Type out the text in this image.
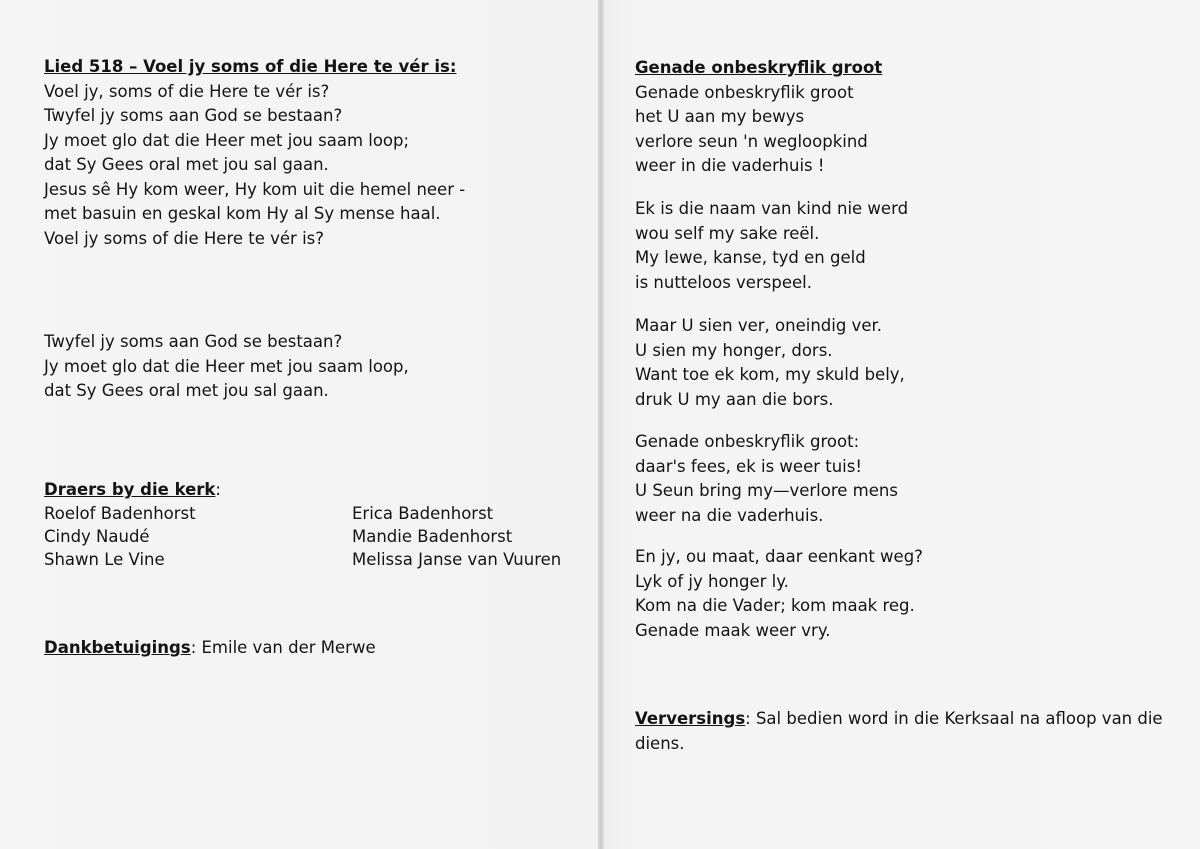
Lied 518 – Voel jy soms of die Here te vér is:
Voel jy, soms of die Here te vér is?
Twyfel jy soms aan God se bestaan?
Jy moet glo dat die Heer met jou saam loop;
dat Sy Gees oral met jou sal gaan.
Jesus sê Hy kom weer, Hy kom uit die hemel neer -
met basuin en geskal kom Hy al Sy mense haal.
Voel jy soms of die Here te vér is?
Twyfel jy soms aan God se bestaan?
Jy moet glo dat die Heer met jou saam loop,
dat Sy Gees oral met jou sal gaan.
Draers by die kerk:
Roelof Badenhorst
Cindy Naudé
Shawn Le Vine
Erica Badenhorst
Mandie Badenhorst
Melissa Janse van Vuuren
Dankbetuigings: Emile van der Merwe
Genade onbeskryflik groot
Genade onbeskryflik groot
het U aan my bewys
verlore seun 'n wegloopkind
weer in die vaderhuis !
Ek is die naam van kind nie werd
wou self my sake reël.
My lewe, kanse, tyd en geld
is nutteloos verspeel.
Maar U sien ver, oneindig ver.
U sien my honger, dors.
Want toe ek kom, my skuld bely,
druk U my aan die bors.
Genade onbeskryflik groot:
daar's fees, ek is weer tuis!
U Seun bring my—verlore mens
weer na die vaderhuis.
En jy, ou maat, daar eenkant weg?
Lyk of jy honger ly.
Kom na die Vader; kom maak reg.
Genade maak weer vry.
Verversings: Sal bedien word in die Kerksaal na afloop van die
diens.
